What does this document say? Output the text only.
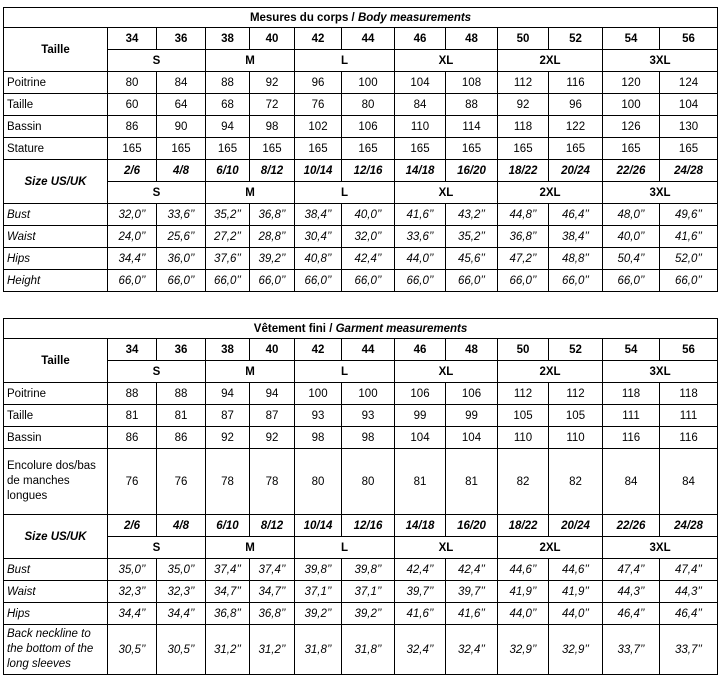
Mesures du corps / Body measurements												
Taille	34	36	38	40	42	44	46	48	50	52	54	56
	S		M		L		XL		2XL		3XL	
Poitrine	80	84	88	92	96	100	104	108	112	116	120	124
Taille	60	64	68	72	76	80	84	88	92	96	100	104
Bassin	86	90	94	98	102	106	110	114	118	122	126	130
Stature	165	165	165	165	165	165	165	165	165	165	165	165
Size US/UK	2/6	4/8	6/10	8/12	10/14	12/16	14/18	16/20	18/22	20/24	22/26	24/28
	S		M		L		XL		2XL		3XL	
Bust	32,0’’	33,6’’	35,2’’	36,8’’	38,4’’	40,0’’	41,6’’	43,2’’	44,8’’	46,4’’	48,0’’	49,6’’
Waist	24,0’’	25,6’’	27,2’’	28,8’’	30,4’’	32,0’’	33,6’’	35,2’’	36,8’’	38,4’’	40,0’’	41,6’’
Hips	34,4’’	36,0’’	37,6’’	39,2’’	40,8’’	42,4’’	44,0’’	45,6’’	47,2’’	48,8’’	50,4’’	52,0’’
Height	66,0’’	66,0’’	66,0’’	66,0’’	66,0’’	66,0’’	66,0’’	66,0’’	66,0’’	66,0’’	66,0’’	66,0’’
Vêtement fini / Garment measurements												
Taille	34	36	38	40	42	44	46	48	50	52	54	56
	S		M		L		XL		2XL		3XL	
Poitrine	88	88	94	94	100	100	106	106	112	112	118	118
Taille	81	81	87	87	93	93	99	99	105	105	111	111
Bassin	86	86	92	92	98	98	104	104	110	110	116	116
Encolure dos/bas de manches longues	76	76	78	78	80	80	81	81	82	82	84	84
Size US/UK	2/6	4/8	6/10	8/12	10/14	12/16	14/18	16/20	18/22	20/24	22/26	24/28
	S		M		L		XL		2XL		3XL	
Bust	35,0’’	35,0’’	37,4’’	37,4’’	39,8’’	39,8’’	42,4’’	42,4’’	44,6’’	44,6’’	47,4’’	47,4’’
Waist	32,3’’	32,3’’	34,7’’	34,7’’	37,1’’	37,1’’	39,7’’	39,7’’	41,9’’	41,9’’	44,3’’	44,3’’
Hips	34,4’’	34,4’’	36,8’’	36,8’’	39,2’’	39,2’’	41,6’’	41,6’’	44,0’’	44,0’’	46,4’’	46,4’’
Back neckline to the bottom of the long sleeves	30,5’’	30,5’’	31,2’’	31,2’’	31,8’’	31,8’’	32,4’’	32,4’’	32,9’’	32,9’’	33,7’’	33,7’’
